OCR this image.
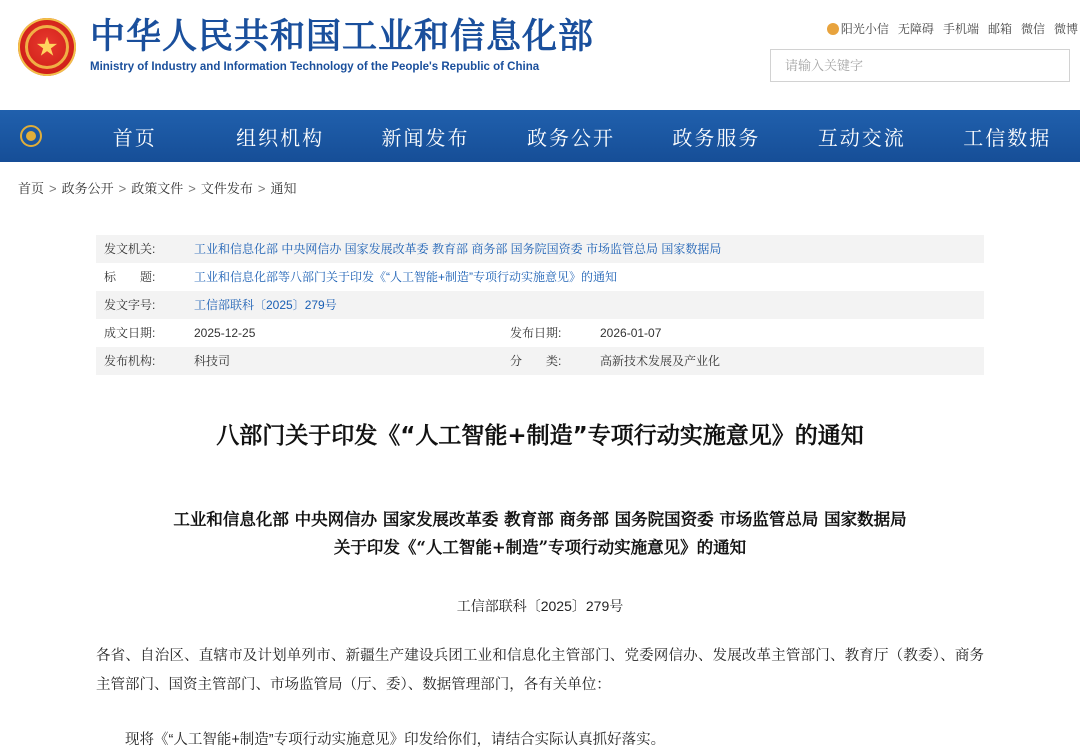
★ 中华人民共和国工业和信息化部
Ministry of Industry and Information Technology of the People's Republic of China
阳光小信 无障碍 手机端 邮箱 微信 微博
请输入关键字
首页	组织机构	新闻发布	政务公开	政务服务	互动交流	工信数据
首页 > 政务公开 > 政策文件 > 文件发布 > 通知
发文机关:	工业和信息化部 中央网信办 国家发展改革委 教育部 商务部 国务院国资委 市场监管总局 国家数据局		
标　　题:	工业和信息化部等八部门关于印发《“人工智能+制造”专项行动实施意见》的通知		
发文字号:	工信部联科〔2025〕279号		
成文日期:	2025-12-25	发布日期:	2026-01-07
发布机构:	科技司	分　　类:	高新技术发展及产业化
八部门关于印发《“人工智能+制造”专项行动实施意见》的通知
工业和信息化部 中央网信办 国家发展改革委 教育部 商务部 国务院国资委 市场监管总局 国家数据局
关于印发《“人工智能+制造”专项行动实施意见》的通知
工信部联科〔2025〕279号

各省、自治区、直辖市及计划单列市、新疆生产建设兵团工业和信息化主管部门、党委网信办、发展改革主管部门、教育厅（教委）、商务主管部门、国资主管部门、市场监管局（厅、委）、数据管理部门，各有关单位：

现将《“人工智能+制造”专项行动实施意见》印发给你们，请结合实际认真抓好落实。
